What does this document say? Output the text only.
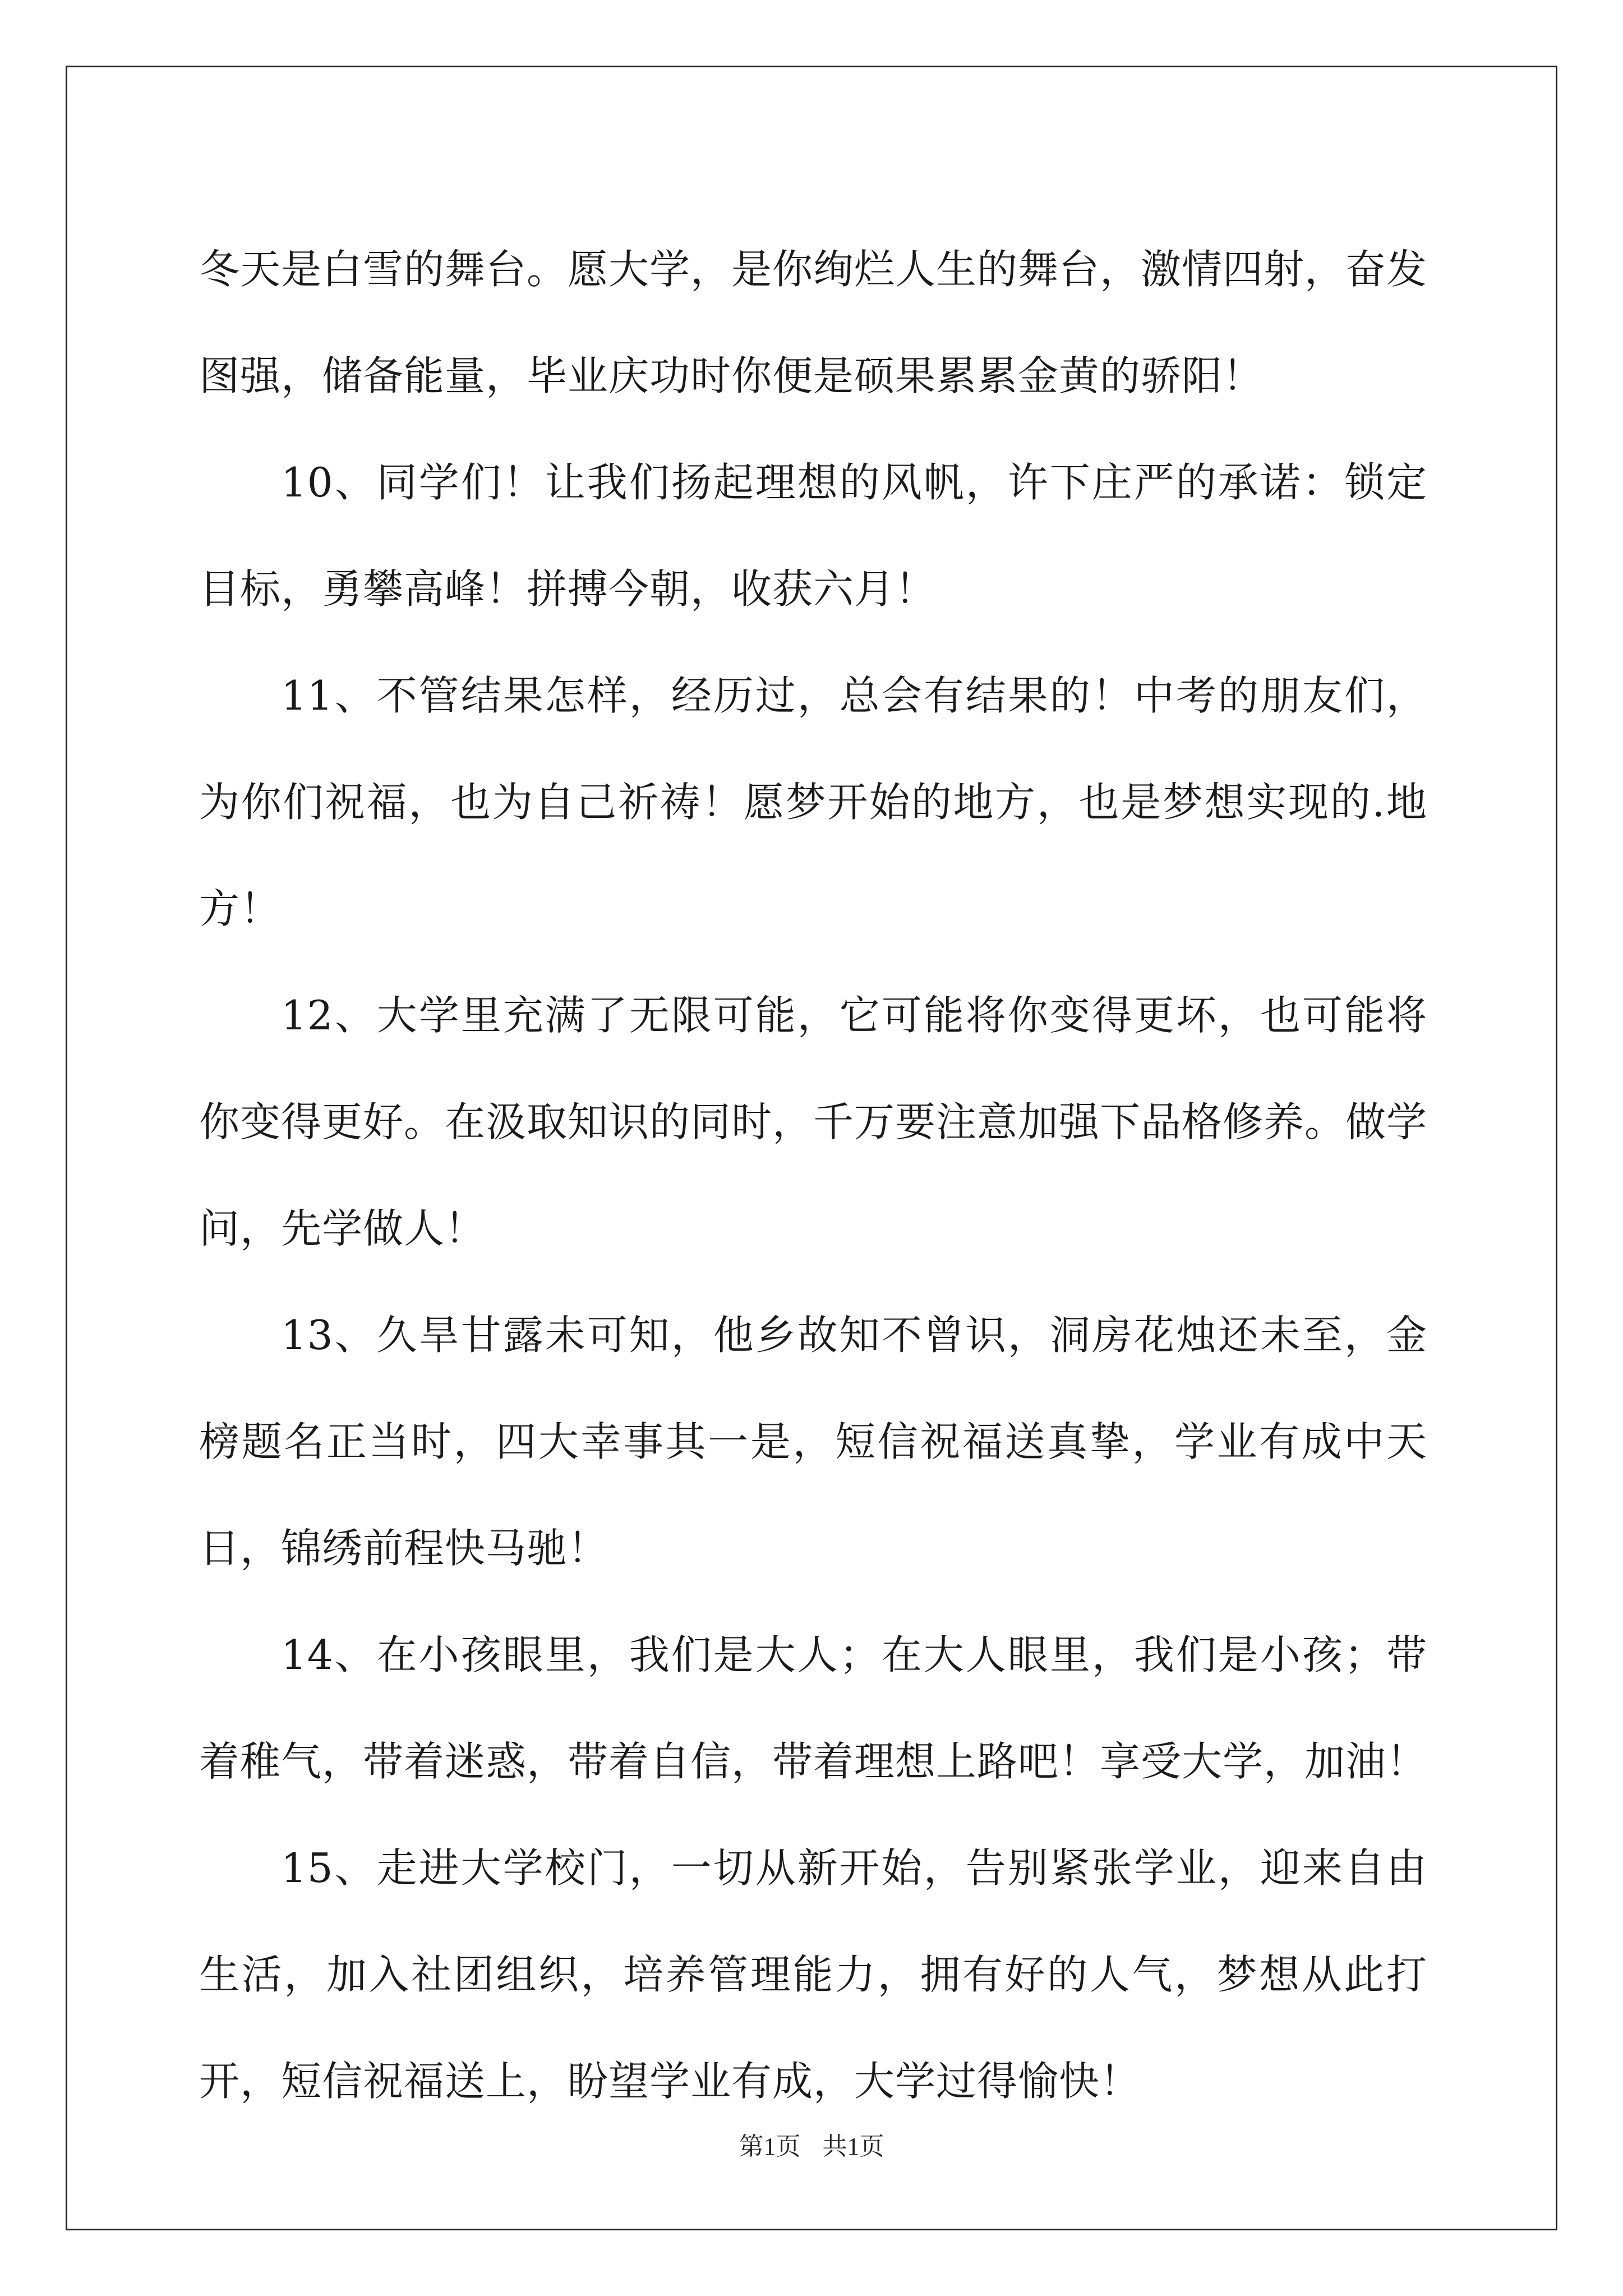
冬天是白雪的舞台。愿大学，是你绚烂人生的舞台，激情四射，奋发图强，储备能量，毕业庆功时你便是硕果累累金黄的骄阳！

10、同学们！让我们扬起理想的风帆，许下庄严的承诺：锁定目标，勇攀高峰！拼搏今朝，收获六月！

11、不管结果怎样，经历过，总会有结果的！中考的朋友们，为你们祝福，也为自己祈祷！愿梦开始的地方，也是梦想实现的.地方！

12、大学里充满了无限可能，它可能将你变得更坏，也可能将你变得更好。在汲取知识的同时，千万要注意加强下品格修养。做学问，先学做人！

13、久旱甘露未可知，他乡故知不曾识，洞房花烛还未至，金榜题名正当时，四大幸事其一是，短信祝福送真挚，学业有成中天日，锦绣前程快马驰！

14、在小孩眼里，我们是大人；在大人眼里，我们是小孩；带着稚气，带着迷惑，带着自信，带着理想上路吧！享受大学，加油！

15、走进大学校门，一切从新开始，告别紧张学业，迎来自由生活，加入社团组织，培养管理能力，拥有好的人气，梦想从此打开，短信祝福送上，盼望学业有成，大学过得愉快！

第1页 共1页
